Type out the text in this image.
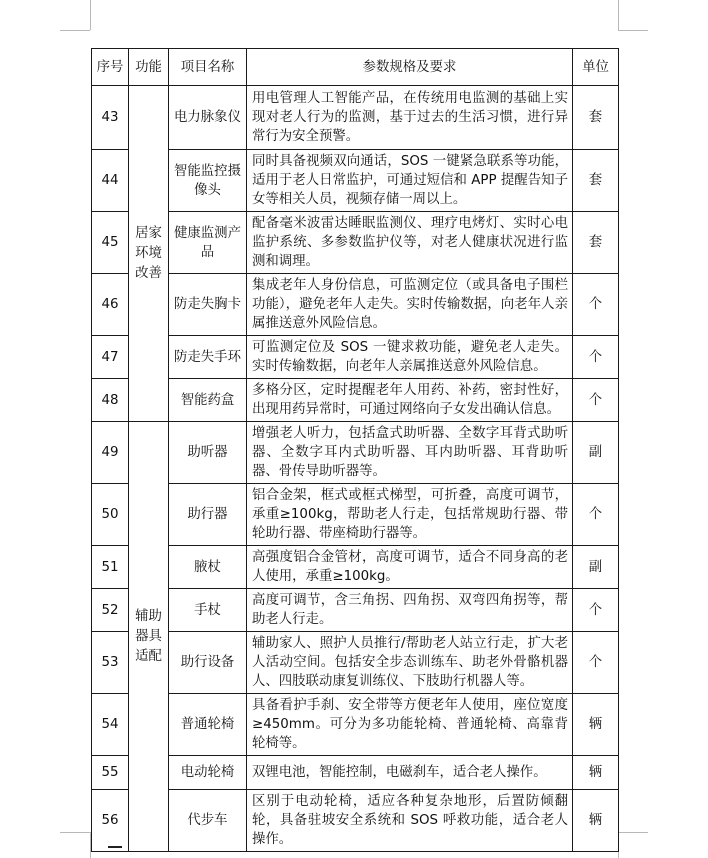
序号	功能	项目名称	参数规格及要求	单位
43	居家环境改善	电力脉象仪	用电管理人工智能产品，在传统用电监测的基础上实现对老人行为的监测，基于过去的生活习惯，进行异常行为安全预警。	套
44		智能监控摄像头	同时具备视频双向通话，SOS 一键紧急联系等功能，适用于老人日常监护，可通过短信和 APP 提醒告知子女等相关人员，视频存储一周以上。	套
45		健康监测产品	配备毫米波雷达睡眠监测仪、理疗电烤灯、实时心电监护系统、多参数监护仪等，对老人健康状况进行监测和调理。	套
46		防走失胸卡	集成老年人身份信息，可监测定位（或具备电子围栏功能），避免老年人走失。实时传输数据，向老年人亲属推送意外风险信息。	个
47		防走失手环	可监测定位及 SOS 一键求救功能，避免老人走失。实时传输数据，向老年人亲属推送意外风险信息。	个
48		智能药盒	多格分区，定时提醒老年人用药、补药，密封性好，出现用药异常时，可通过网络向子女发出确认信息。	个
49	辅助器具适配	助听器	增强老人听力，包括盒式助听器、全数字耳背式助听器、全数字耳内式助听器、耳内助听器、耳背助听器、骨传导助听器等。	副
50		助行器	铝合金架，框式或框式梯型，可折叠，高度可调节，承重≥100kg，帮助老人行走，包括常规助行器、带轮助行器、带座椅助行器等。	个
51		腋杖	高强度铝合金管材，高度可调节，适合不同身高的老人使用，承重≥100kg。	副
52		手杖	高度可调节，含三角拐、四角拐、双弯四角拐等，帮助老人行走。	个
53		助行设备	辅助家人、照护人员推行/帮助老人站立行走，扩大老人活动空间。包括安全步态训练车、助老外骨骼机器人、四肢联动康复训练仪、下肢助行机器人等。	个
54		普通轮椅	具备看护手刹、安全带等方便老年人使用，座位宽度≥450mm。可分为多功能轮椅、普通轮椅、高靠背轮椅等。	辆
55		电动轮椅	双锂电池，智能控制，电磁刹车，适合老人操作。	辆
56		代步车	区别于电动轮椅，适应各种复杂地形，后置防倾翻轮，具备驻坡安全系统和 SOS 呼救功能，适合老人操作。	辆
